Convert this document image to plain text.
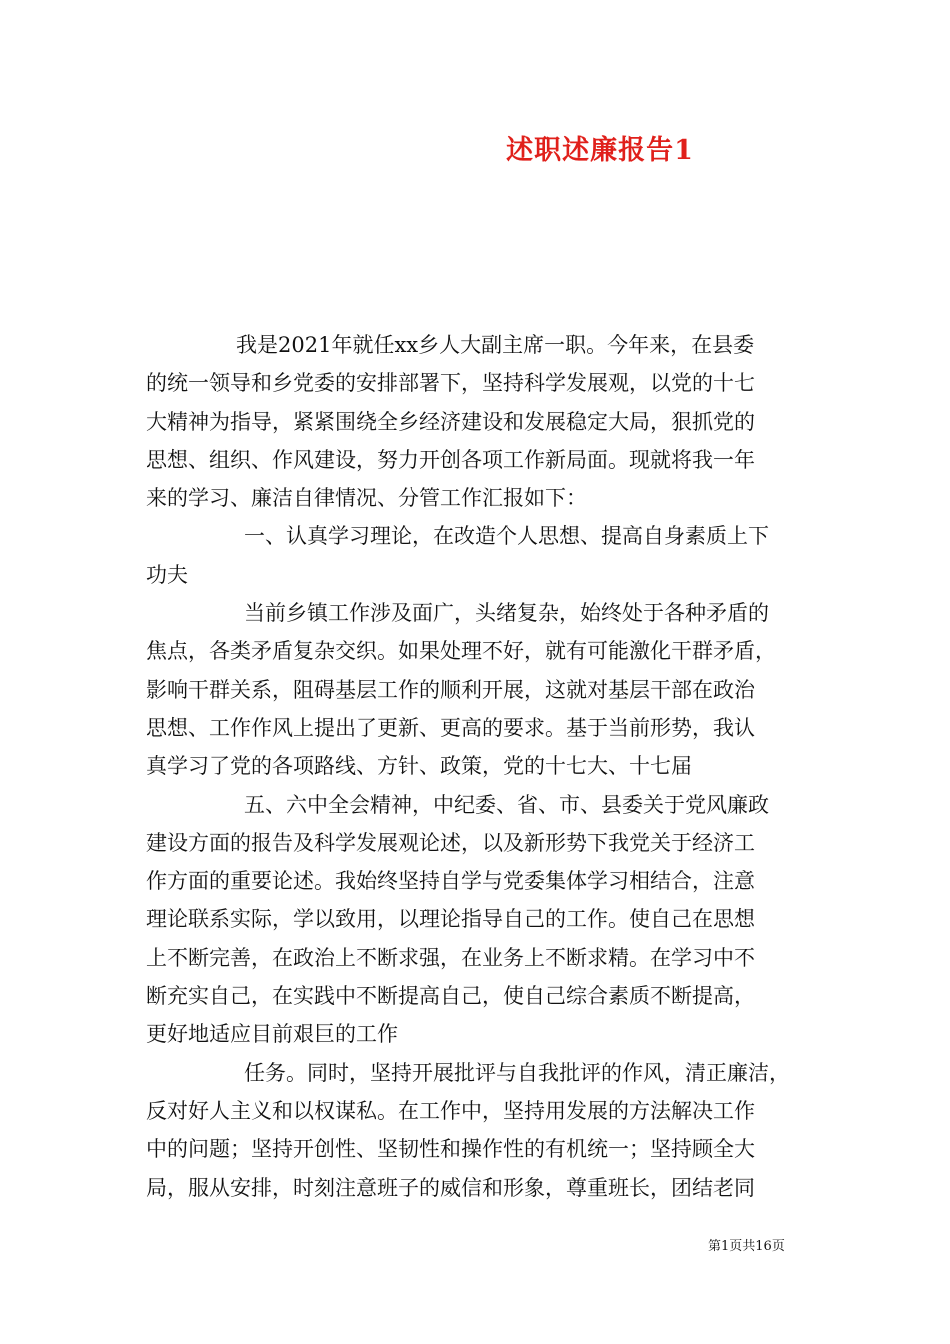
述职述廉报告1
我是2021年就任xx乡人大副主席一职。今年来，在县委
的统一领导和乡党委的安排部署下，坚持科学发展观，以党的十七
大精神为指导，紧紧围绕全乡经济建设和发展稳定大局，狠抓党的
思想、组织、作风建设，努力开创各项工作新局面。现就将我一年
来的学习、廉洁自律情况、分管工作汇报如下：
一、认真学习理论，在改造个人思想、提高自身素质上下
功夫
当前乡镇工作涉及面广，头绪复杂，始终处于各种矛盾的
焦点，各类矛盾复杂交织。如果处理不好，就有可能激化干群矛盾，
影响干群关系，阻碍基层工作的顺利开展，这就对基层干部在政治
思想、工作作风上提出了更新、更高的要求。基于当前形势，我认
真学习了党的各项路线、方针、政策，党的十七大、十七届
五、六中全会精神，中纪委、省、市、县委关于党风廉政
建设方面的报告及科学发展观论述，以及新形势下我党关于经济工
作方面的重要论述。我始终坚持自学与党委集体学习相结合，注意
理论联系实际，学以致用，以理论指导自己的工作。使自己在思想
上不断完善，在政治上不断求强，在业务上不断求精。在学习中不
断充实自己，在实践中不断提高自己，使自己综合素质不断提高，
更好地适应目前艰巨的工作
任务。同时，坚持开展批评与自我批评的作风，清正廉洁，
反对好人主义和以权谋私。在工作中，坚持用发展的方法解决工作
中的问题；坚持开创性、坚韧性和操作性的有机统一；坚持顾全大
局，服从安排，时刻注意班子的威信和形象，尊重班长，团结老同
第1页共16页
